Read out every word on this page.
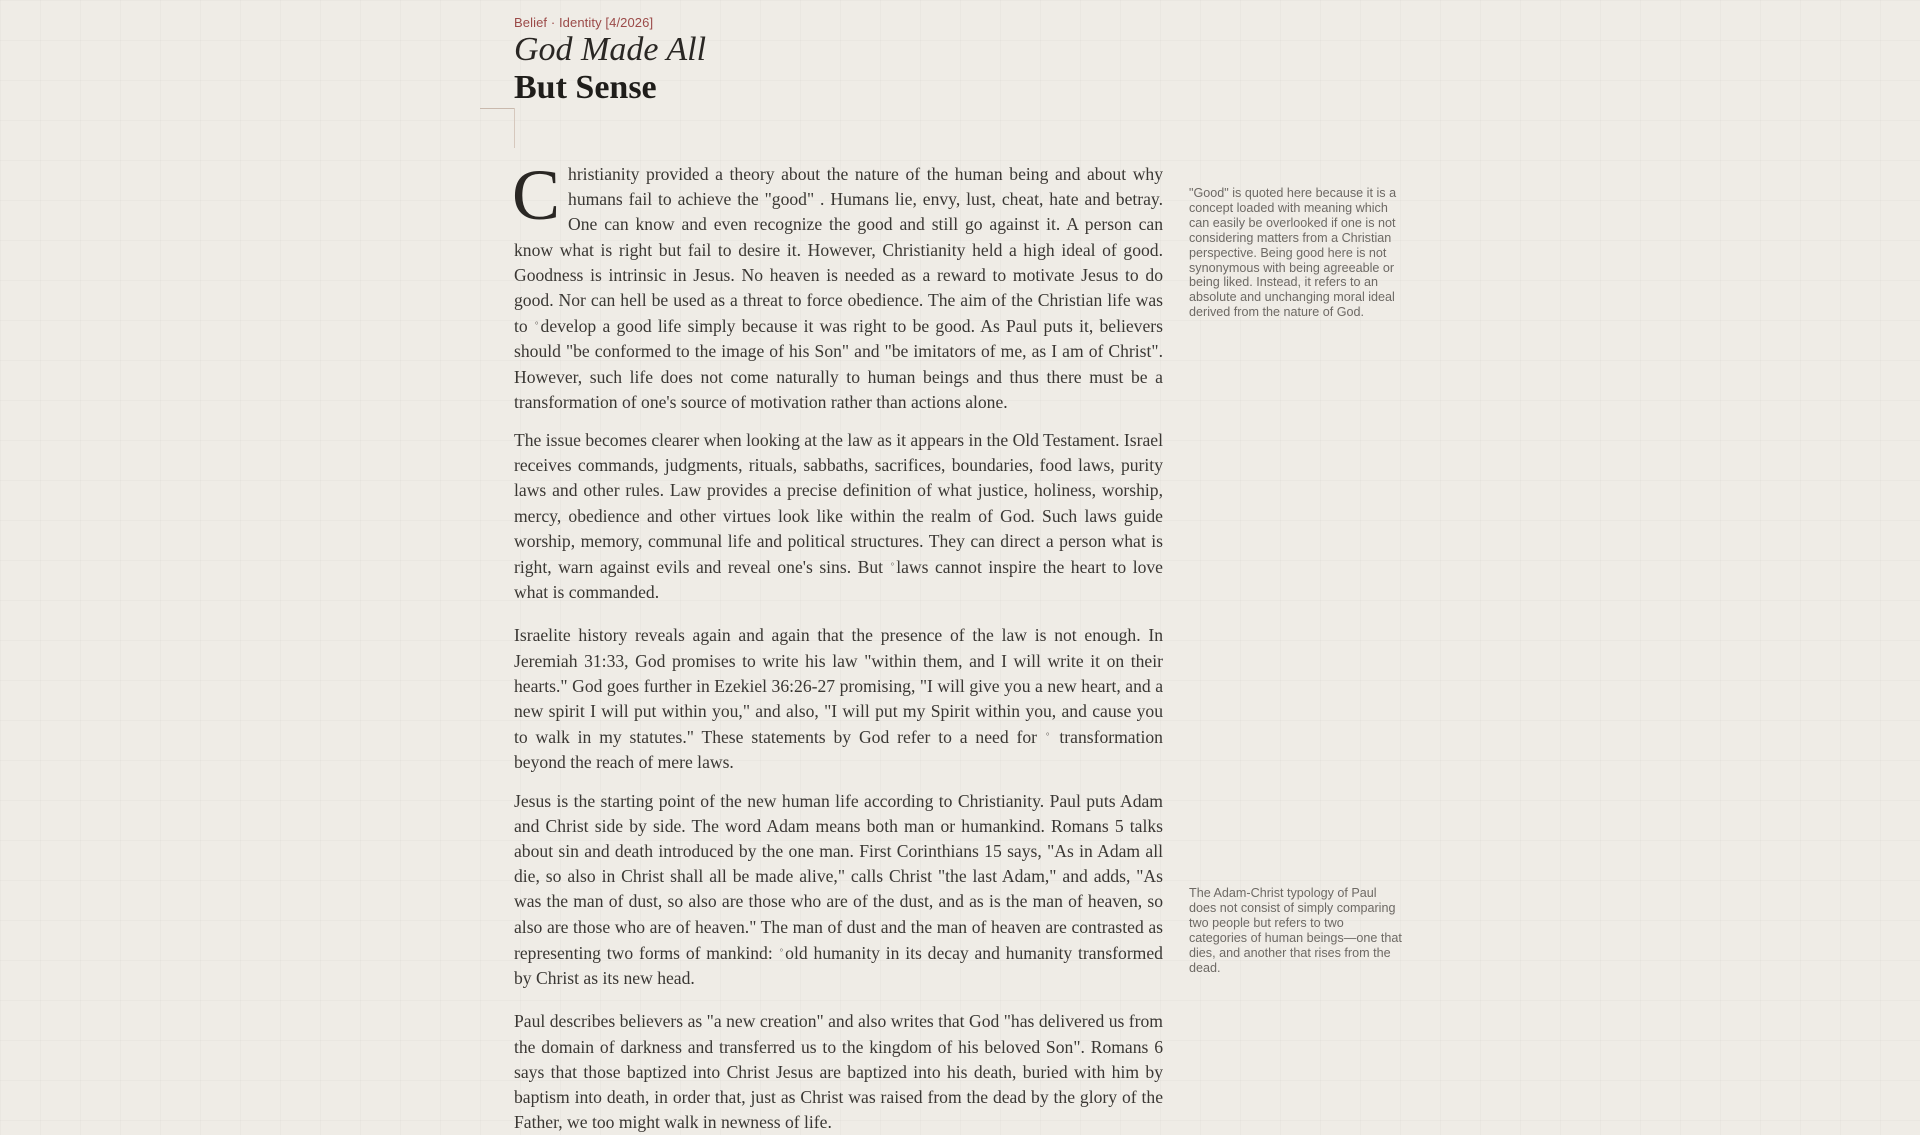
Belief · Identity [4/2026]
God Made All
But Sense

Christianity provided a theory about the nature of the human being and about why humans fail to achieve the "good" . Humans lie, envy, lust, cheat, hate and betray. One can know and even recognize the good and still go against it. A person can know what is right but fail to desire it. However, Christianity held a high ideal of good. Goodness is intrinsic in Jesus. No heaven is needed as a reward to motivate Jesus to do good. Nor can hell be used as a threat to force obedience. The aim of the Christian life was to ° develop a good life simply because it was right to be good. As Paul puts it, believers should "be conformed to the image of his Son" and "be imitators of me, as I am of Christ". However, such life does not come naturally to human beings and thus there must be a transformation of one's source of motivation rather than actions alone.

The issue becomes clearer when looking at the law as it appears in the Old Testament. Israel receives commands, judgments, rituals, sabbaths, sacrifices, boundaries, food laws, purity laws and other rules. Law provides a precise definition of what justice, holiness, worship, mercy, obedience and other virtues look like within the realm of God. Such laws guide worship, memory, communal life and political structures. They can direct a person what is right, warn against evils and reveal one's sins. But ° laws cannot inspire the heart to love what is commanded.

Israelite history reveals again and again that the presence of the law is not enough. In Jeremiah 31:33, God promises to write his law "within them, and I will write it on their hearts." God goes further in Ezekiel 36:26-27 promising, "I will give you a new heart, and a new spirit I will put within you," and also, "I will put my Spirit within you, and cause you to walk in my statutes." These statements by God refer to a need for ° transformation beyond the reach of mere laws.

Jesus is the starting point of the new human life according to Christianity. Paul puts Adam and Christ side by side. The word Adam means both man or humankind. Romans 5 talks about sin and death introduced by the one man. First Corinthians 15 says, "As in Adam all die, so also in Christ shall all be made alive," calls Christ "the last Adam," and adds, "As was the man of dust, so also are those who are of the dust, and as is the man of heaven, so also are those who are of heaven." The man of dust and the man of heaven are contrasted as representing two forms of mankind: ° old humanity in its decay and humanity transformed by Christ as its new head.

Paul describes believers as "a new creation" and also writes that God "has delivered us from the domain of darkness and transferred us to the kingdom of his beloved Son". Romans 6 says that those baptized into Christ Jesus are baptized into his death, buried with him by baptism into death, in order that, just as Christ was raised from the dead by the glory of the Father, we too might walk in newness of life.

"Good" is quoted here because it is a concept loaded with meaning which can easily be overlooked if one is not considering matters from a Christian perspective. Being good here is not synonymous with being agreeable or being liked. Instead, it refers to an absolute and unchanging moral ideal derived from the nature of God.
The Adam-Christ typology of Paul does not consist of simply comparing two people but refers to two categories of human beings—one that dies, and another that rises from the dead.
